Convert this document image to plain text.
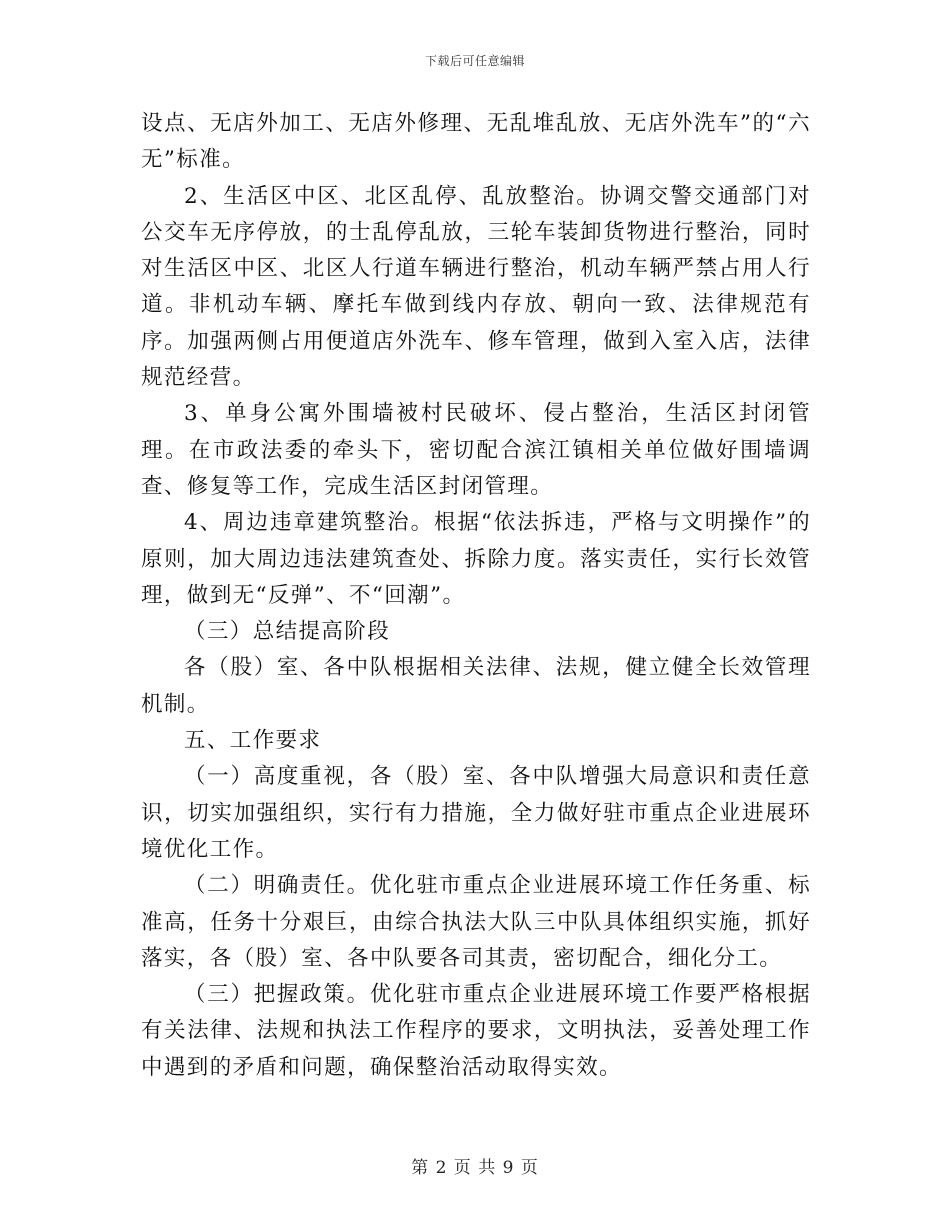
下载后可任意编辑

设点、无店外加工、无店外修理、无乱堆乱放、无店外洗车”的“六无”标准。

2、生活区中区、北区乱停、乱放整治。协调交警交通部门对公交车无序停放，的士乱停乱放，三轮车装卸货物进行整治，同时对生活区中区、北区人行道车辆进行整治，机动车辆严禁占用人行道。非机动车辆、摩托车做到线内存放、朝向一致、法律规范有序。加强两侧占用便道店外洗车、修车管理，做到入室入店，法律规范经营。

3、单身公寓外围墙被村民破坏、侵占整治，生活区封闭管理。在市政法委的牵头下，密切配合滨江镇相关单位做好围墙调查、修复等工作，完成生活区封闭管理。

4、周边违章建筑整治。根据“依法拆违，严格与文明操作”的原则，加大周边违法建筑查处、拆除力度。落实责任，实行长效管理，做到无“反弹”、不“回潮”。

（三）总结提高阶段

各（股）室、各中队根据相关法律、法规，健立健全长效管理机制。

五、工作要求

（一）高度重视，各（股）室、各中队增强大局意识和责任意识，切实加强组织，实行有力措施，全力做好驻市重点企业进展环境优化工作。

（二）明确责任。优化驻市重点企业进展环境工作任务重、标准高，任务十分艰巨，由综合执法大队三中队具体组织实施，抓好落实，各（股）室、各中队要各司其责，密切配合，细化分工。

（三）把握政策。优化驻市重点企业进展环境工作要严格根据有关法律、法规和执法工作程序的要求，文明执法，妥善处理工作中遇到的矛盾和问题，确保整治活动取得实效。

第 2 页 共 9 页
